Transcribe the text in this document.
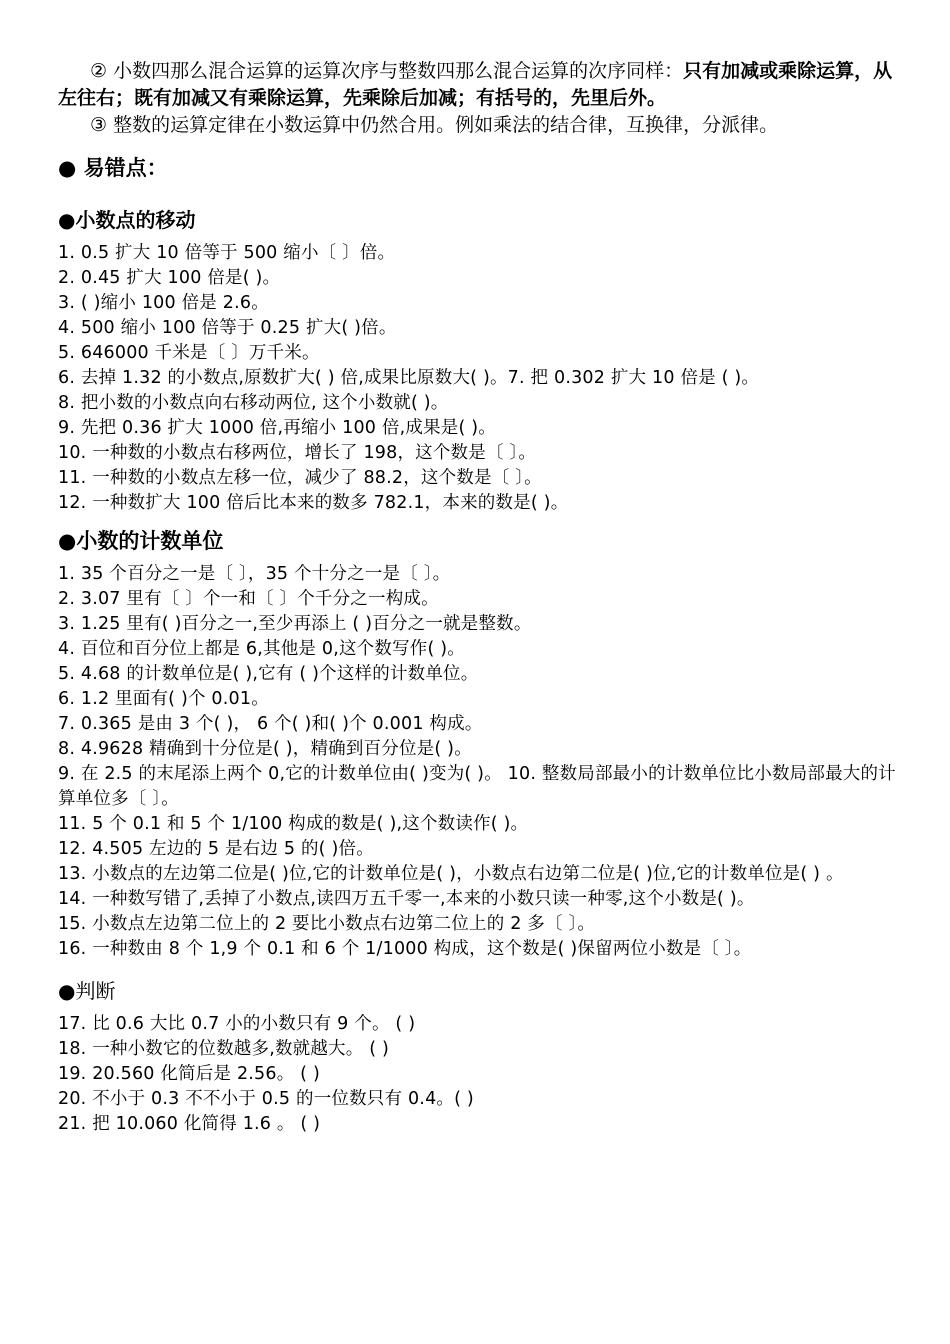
② 小数四那么混合运算的运算次序与整数四那么混合运算的次序同样：只有加减或乘除运算，从左往右；既有加减又有乘除运算，先乘除后加减；有括号的，先里后外。

③ 整数的运算定律在小数运算中仍然合用。例如乘法的结合律，互换律，分派律。

● 易错点：
●小数点的移动

1. 0.5 扩大 10 倍等于 500 缩小〔 〕倍。

2. 0.45 扩大 100 倍是( )。

3. ( )缩小 100 倍是 2.6。

4. 500 缩小 100 倍等于 0.25 扩大( )倍。

5. 646000 千米是〔 〕万千米。

6. 去掉 1.32 的小数点,原数扩大( ) 倍,成果比原数大( )。7. 把 0.302 扩大 10 倍是 ( )。

8. 把小数的小数点向右移动两位, 这个小数就( )。

9. 先把 0.36 扩大 1000 倍,再缩小 100 倍,成果是( )。

10. 一种数的小数点右移两位，增长了 198，这个数是〔 〕。

11. 一种数的小数点左移一位，减少了 88.2，这个数是〔 〕。

12. 一种数扩大 100 倍后比本来的数多 782.1，本来的数是( )。

●小数的计数单位

1. 35 个百分之一是〔 〕，35 个十分之一是〔 〕。

2. 3.07 里有〔 〕个一和〔 〕个千分之一构成。

3. 1.25 里有( )百分之一,至少再添上 ( )百分之一就是整数。

4. 百位和百分位上都是 6,其他是 0,这个数写作( )。

5. 4.68 的计数单位是( ),它有 ( )个这样的计数单位。

6. 1.2 里面有( )个 0.01。

7. 0.365 是由 3 个( )， 6 个( )和( )个 0.001 构成。

8. 4.9628 精确到十分位是( )，精确到百分位是( )。

9. 在 2.5 的末尾添上两个 0,它的计数单位由( )变为( )。 10. 整数局部最小的计数单位比小数局部最大的计算单位多〔 〕。

11. 5 个 0.1 和 5 个 1/100 构成的数是( ),这个数读作( )。

12. 4.505 左边的 5 是右边 5 的( )倍。

13. 小数点的左边第二位是( )位,它的计数单位是( )，小数点右边第二位是( )位,它的计数单位是( ) 。

14. 一种数写错了,丢掉了小数点,读四万五千零一,本来的小数只读一种零,这个小数是( )。

15. 小数点左边第二位上的 2 要比小数点右边第二位上的 2 多〔 〕。

16. 一种数由 8 个 1,9 个 0.1 和 6 个 1/1000 构成，这个数是( )保留两位小数是〔 〕。

●判断

17. 比 0.6 大比 0.7 小的小数只有 9 个。 ( )

18. 一种小数它的位数越多,数就越大。 ( )

19. 20.560 化简后是 2.56。 ( )

20. 不小于 0.3 不不小于 0.5 的一位数只有 0.4。( )

21. 把 10.060 化简得 1.6 。 ( )
